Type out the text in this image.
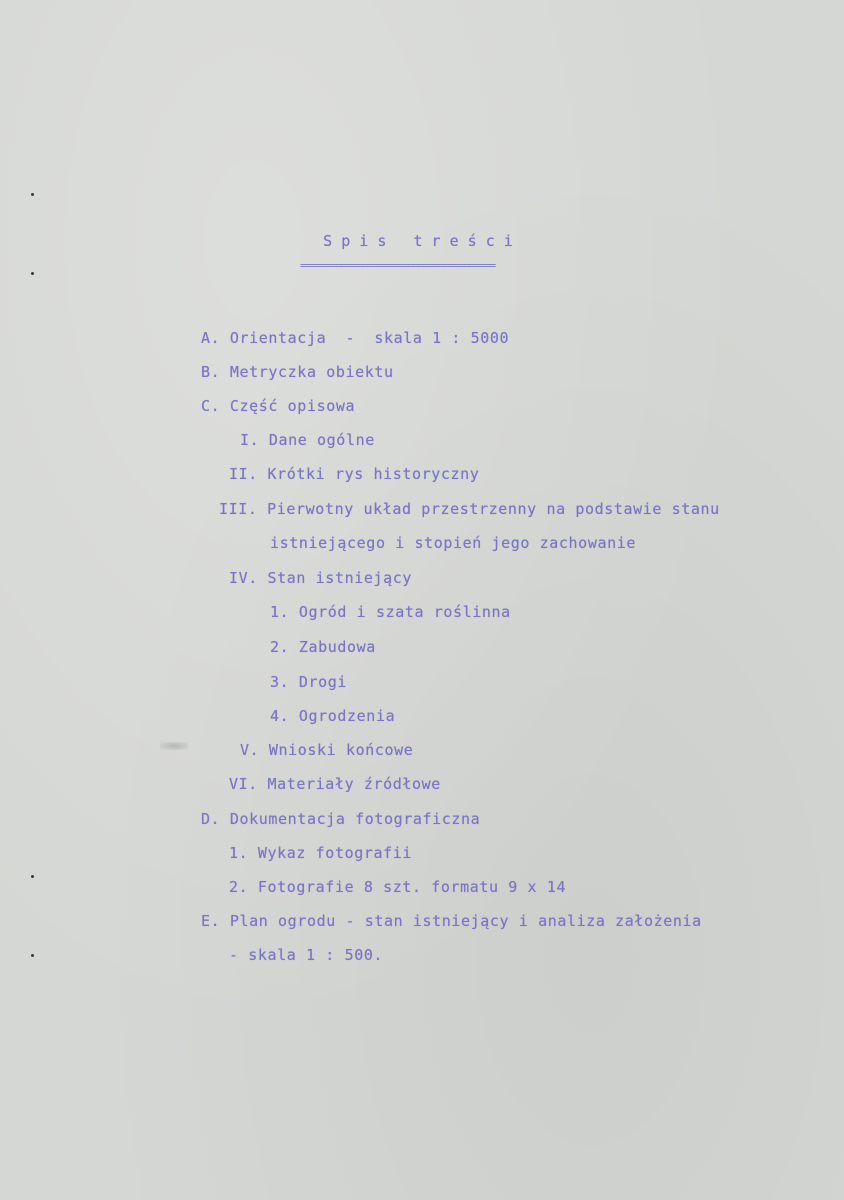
S p i s   t r e ś c i
======================================
A. Orientacja  -  skala 1 : 5000
B. Metryczka obiektu
C. Część opisowa
I. Dane ogólne
II. Krótki rys historyczny
III. Pierwotny układ przestrzenny na podstawie stanu
istniejącego i stopień jego zachowanie
IV. Stan istniejący
1. Ogród i szata roślinna
2. Zabudowa
3. Drogi
4. Ogrodzenia
V. Wnioski końcowe
VI. Materiały źródłowe
D. Dokumentacja fotograficzna
1. Wykaz fotografii
2. Fotografie 8 szt. formatu 9 x 14
E. Plan ogrodu - stan istniejący i analiza założenia
- skala 1 : 500.
